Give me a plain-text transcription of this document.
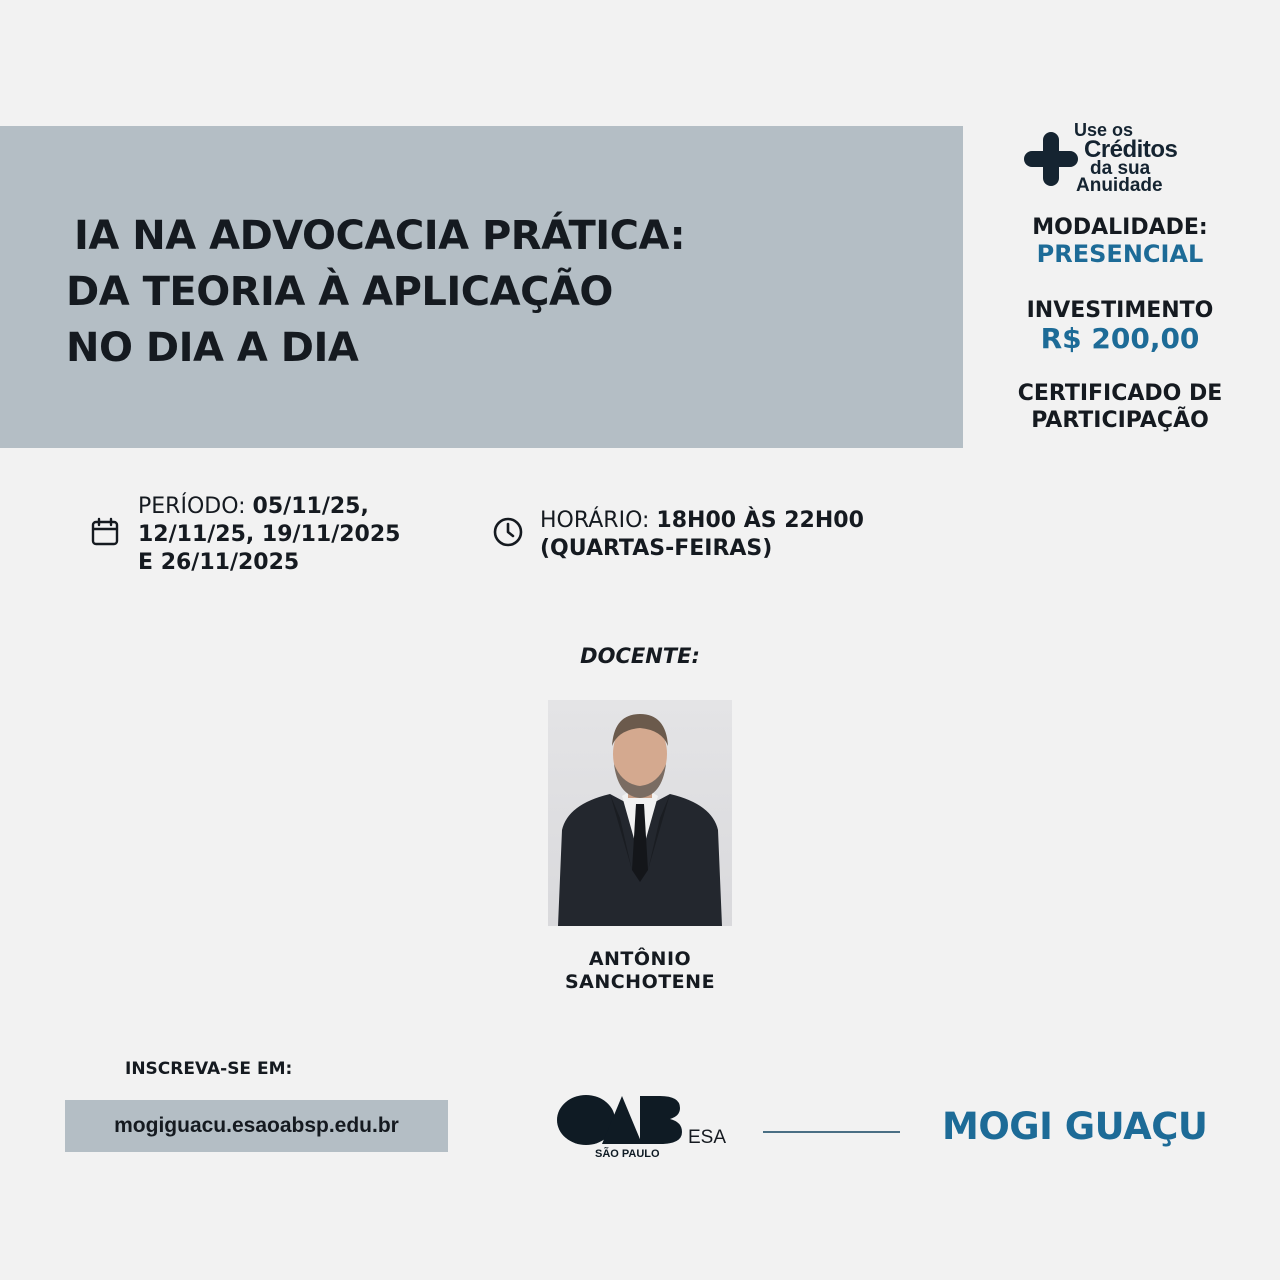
IA NA ADVOCACIA PRÁTICA:
DA TEORIA À APLICAÇÃO
NO DIA A DIA
Use os
Créditos
da sua
Anuidade
MODALIDADE:
PRESENCIAL
INVESTIMENTO
R$ 200,00
CERTIFICADO DE
PARTICIPAÇÃO
PERÍODO: 05/11/25,
12/11/25, 19/11/2025
E 26/11/2025
HORÁRIO: 18H00 ÀS 22H00
(QUARTAS-FEIRAS)
DOCENTE:
ANTÔNIO
SANCHOTENE
INSCREVA-SE EM:
mogiguacu.esaoabsp.edu.br
SÃO PAULO
ESA	MOGI GUAÇU
